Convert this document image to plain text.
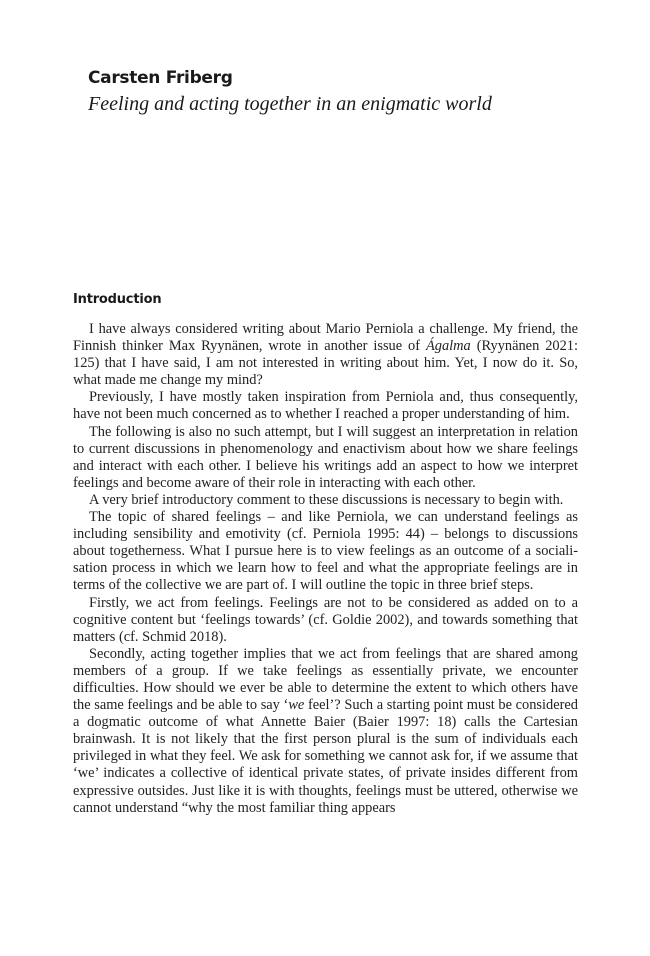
Carsten Friberg
Feeling and acting together in an enigmatic world
Introduction

I have always considered writing about Mario Perniola a challenge. My friend, the Finnish thinker Max Ryynänen, wrote in another issue of Ágalma (Ryynänen 2021: 125) that I have said, I am not interested in writing about him. Yet, I now do it. So, what made me change my mind?

Previously, I have mostly taken inspiration from Perniola and, thus consequently, have not been much concerned as to whether I reached a proper understanding of him.

The following is also no such attempt, but I will suggest an interpretation in relation to current discussions in phenomenology and enactivism about how we share feelings and interact with each other. I believe his writings add an aspect to how we interpret feelings and become aware of their role in interacting with each other.

A very brief introductory comment to these discussions is necessary to begin with.

The topic of shared feelings – and like Perniola, we can understand feelings as including sensibility and emotivity (cf. Perniola 1995: 44) – belongs to discussions about togetherness. What I pursue here is to view feelings as an outcome of a socialisation process in which we learn how to feel and what the appropriate feelings are in terms of the collective we are part of. I will outline the topic in three brief steps.

Firstly, we act from feelings. Feelings are not to be considered as added on to a cognitive content but ‘feelings towards’ (cf. Goldie 2002), and towards something that matters (cf. Schmid 2018).

Secondly, acting together implies that we act from feelings that are shared among members of a group. If we take feelings as essentially private, we encounter difficulties. How should we ever be able to determine the extent to which others have the same feelings and be able to say ‘we feel’? Such a starting point must be considered a dogmatic outcome of what Annette Baier (Baier 1997: 18) calls the Cartesian brainwash. It is not likely that the first person plural is the sum of individuals each privileged in what they feel. We ask for something we cannot ask for, if we assume that ‘we’ indicates a collective of identical private states, of private insides different from expressive outsides. Just like it is with thoughts, feelings must be uttered, otherwise we cannot understand “why the most familiar thing appears
